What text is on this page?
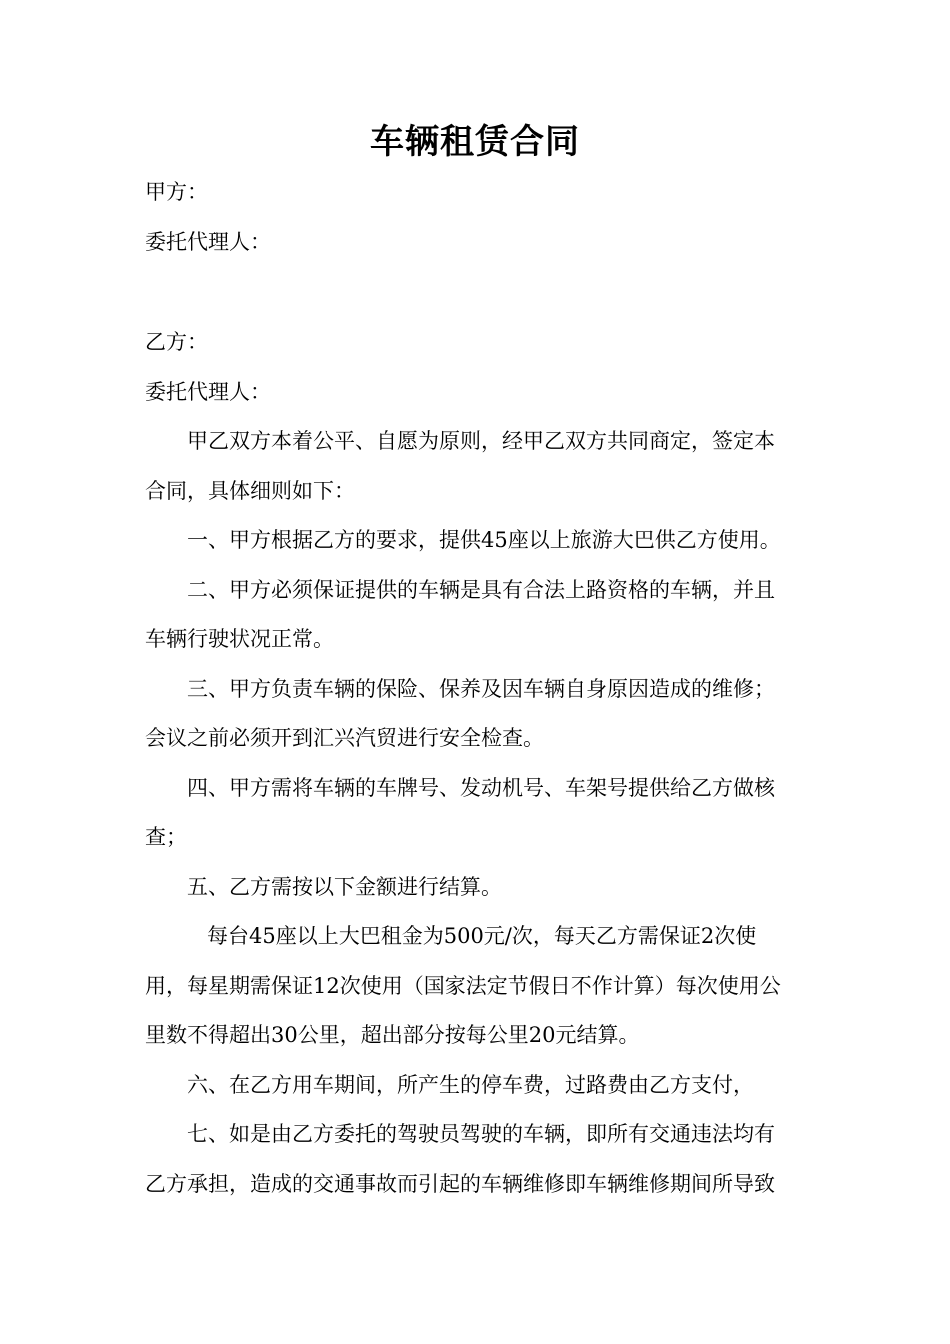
车辆租赁合同
甲方：
委托代理人：
乙方：
委托代理人：
甲乙双方本着公平、自愿为原则，经甲乙双方共同商定，签定本
合同，具体细则如下：
一、甲方根据乙方的要求，提供45座以上旅游大巴供乙方使用。
二、甲方必须保证提供的车辆是具有合法上路资格的车辆，并且
车辆行驶状况正常。
三、甲方负责车辆的保险、保养及因车辆自身原因造成的维修；
会议之前必须开到汇兴汽贸进行安全检查。
四、甲方需将车辆的车牌号、发动机号、车架号提供给乙方做核
查；
五、乙方需按以下金额进行结算。
每台45座以上大巴租金为500元/次，每天乙方需保证2次使
用，每星期需保证12次使用（国家法定节假日不作计算）每次使用公
里数不得超出30公里，超出部分按每公里20元结算。
六、在乙方用车期间，所产生的停车费，过路费由乙方支付，
七、如是由乙方委托的驾驶员驾驶的车辆，即所有交通违法均有
乙方承担，造成的交通事故而引起的车辆维修即车辆维修期间所导致
